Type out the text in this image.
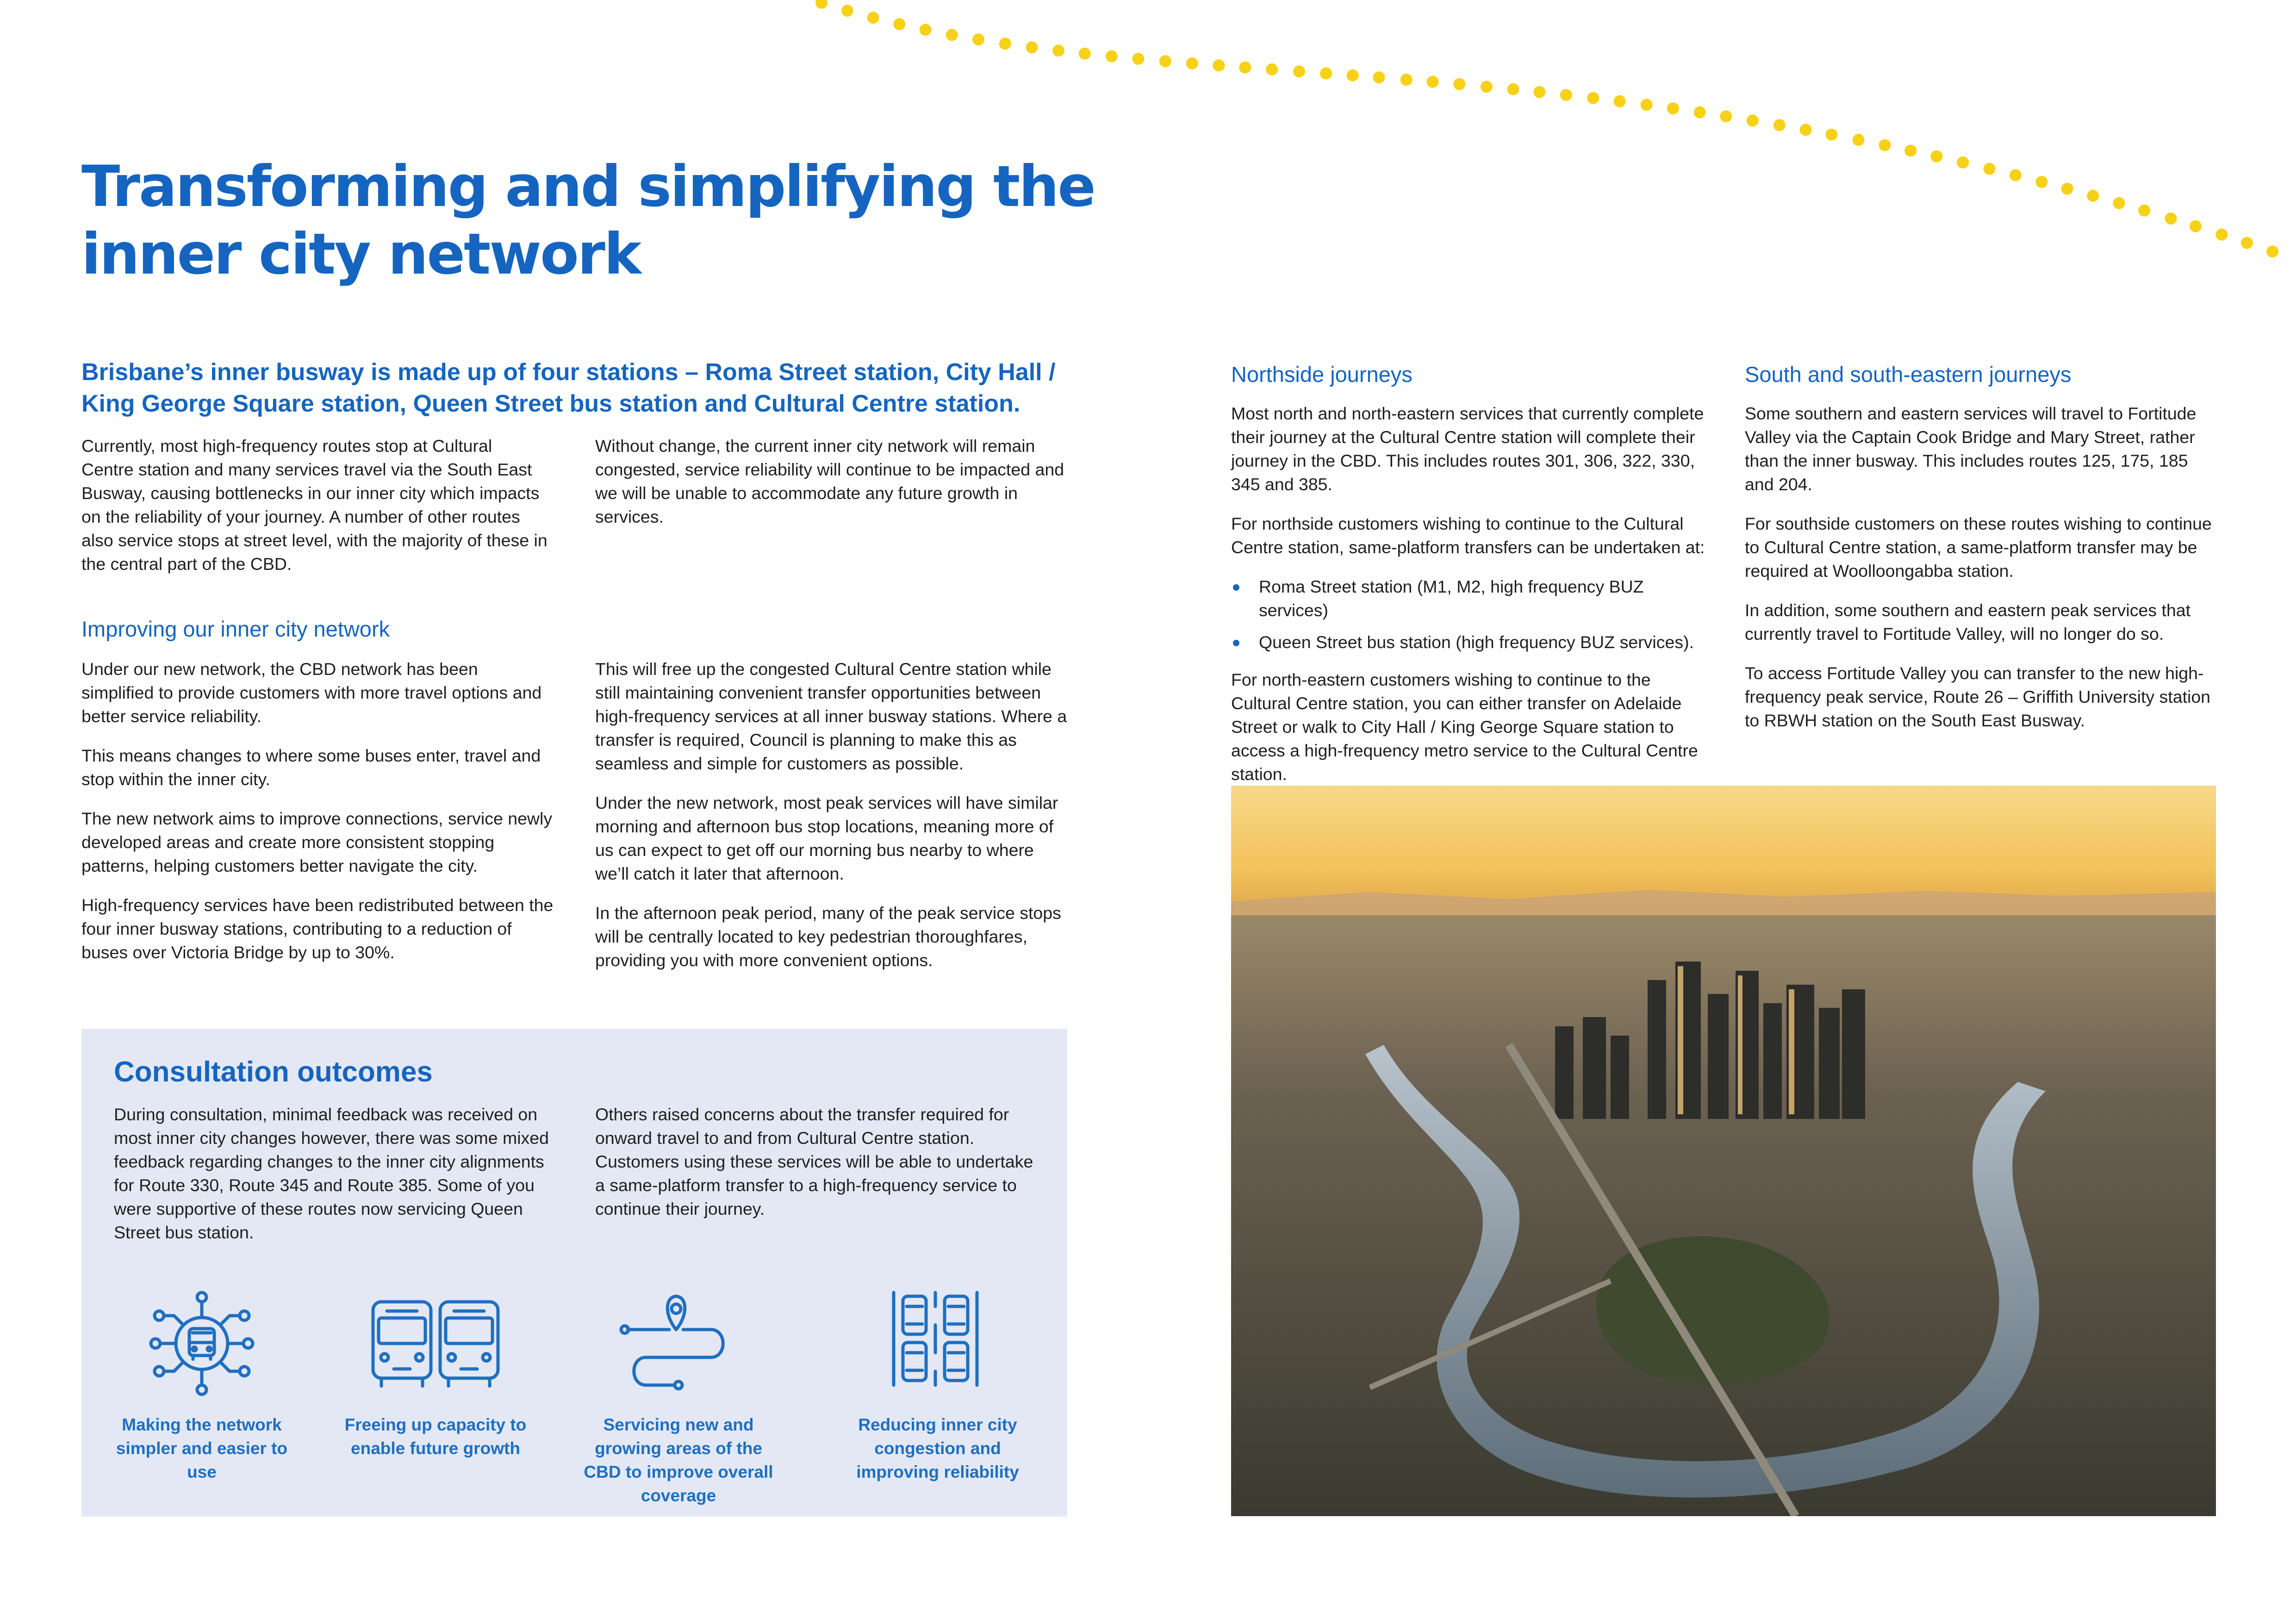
Transforming and simplifying the
inner city network
Brisbane’s inner busway is made up of four stations – Roma Street station, City Hall / King George Square station, Queen Street bus station and Cultural Centre station.

Currently, most high-frequency routes stop at Cultural Centre station and many services travel via the South East Busway, causing bottlenecks in our inner city which impacts on the reliability of your journey. A number of other routes also service stops at street level, with the majority of these in the central part of the CBD.

Without change, the current inner city network will remain congested, service reliability will continue to be impacted and we will be unable to accommodate any future growth in services.

Improving our inner city network

Under our new network, the CBD network has been simplified to provide customers with more travel options and better service reliability.

This means changes to where some buses enter, travel and stop within the inner city.

The new network aims to improve connections, service newly developed areas and create more consistent stopping patterns, helping customers better navigate the city.

High-frequency services have been redistributed between the four inner busway stations, contributing to a reduction of buses over Victoria Bridge by up to 30%.

This will free up the congested Cultural Centre station while still maintaining convenient transfer opportunities between high-frequency services at all inner busway stations. Where a transfer is required, Council is planning to make this as seamless and simple for customers as possible.

Under the new network, most peak services will have similar morning and afternoon bus stop locations, meaning more of us can expect to get off our morning bus nearby to where we’ll catch it later that afternoon.

In the afternoon peak period, many of the peak service stops will be centrally located to key pedestrian thoroughfares, providing you with more convenient options.

Consultation outcomes

During consultation, minimal feedback was received on most inner city changes however, there was some mixed feedback regarding changes to the inner city alignments for Route 330, Route 345 and Route 385. Some of you were supportive of these routes now servicing Queen Street bus station.

Others raised concerns about the transfer required for onward travel to and from Cultural Centre station. Customers using these services will be able to undertake a same-platform transfer to a high-frequency service to continue their journey.

Making the network simpler and easier to use
Freeing up capacity to enable future growth
Servicing new and growing areas of the CBD to improve overall coverage
Reducing inner city congestion and improving reliability
Northside journeys

Most north and north-eastern services that currently complete their journey at the Cultural Centre station will complete their journey in the CBD. This includes routes 301, 306, 322, 330, 345 and 385.

For northside customers wishing to continue to the Cultural Centre station, same-platform transfers can be undertaken at:

Roma Street station (M1, M2, high frequency BUZ services)
Queen Street bus station (high frequency BUZ services).

For north-eastern customers wishing to continue to the Cultural Centre station, you can either transfer on Adelaide Street or walk to City Hall / King George Square station to access a high-frequency metro service to the Cultural Centre station.

South and south-eastern journeys

Some southern and eastern services will travel to Fortitude Valley via the Captain Cook Bridge and Mary Street, rather than the inner busway. This includes routes 125, 175, 185 and 204.

For southside customers on these routes wishing to continue to Cultural Centre station, a same-platform transfer may be required at Woolloongabba station.

In addition, some southern and eastern peak services that currently travel to Fortitude Valley, will no longer do so.

To access Fortitude Valley you can transfer to the new high-frequency peak service, Route 26 – Griffith University station to RBWH station on the South East Busway.
